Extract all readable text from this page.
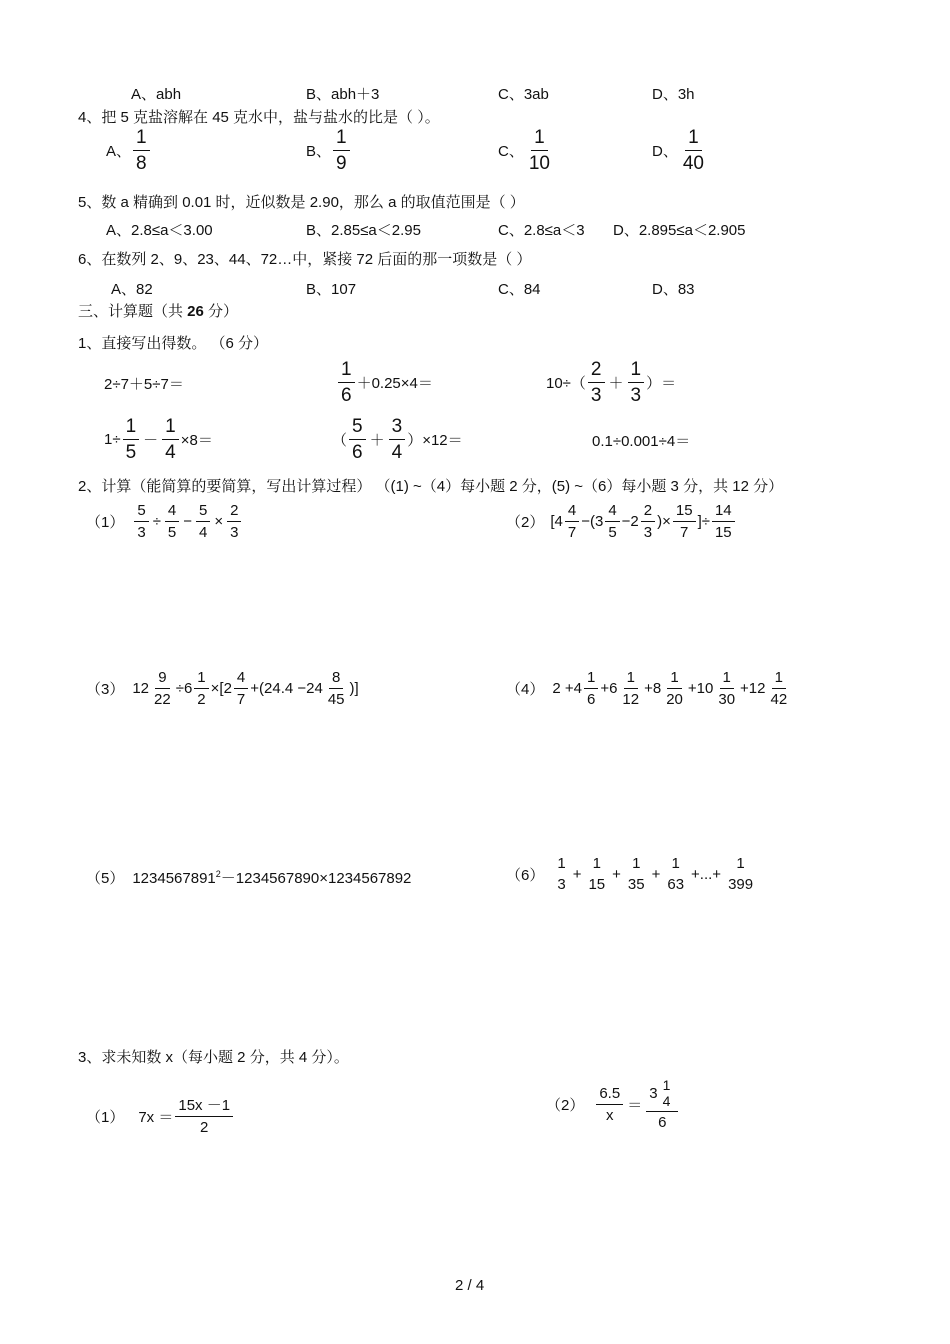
A、abh	B、abh＋3	C、3ab	D、3h
4、把 5 克盐溶解在 45 克水中，盐与盐水的比是（ ）。
A、 $\frac{1}{8}$	B、 $\frac{1}{9}$	C、 $\frac{1}{10}$	D、 $\frac{1}{40}$
5、数 a 精确到 0.01 时，近似数是 2.90，那么 a 的取值范围是（ ）
A、2.8≤a＜3.00	B、2.85≤a＜2.95	C、2.8≤a＜3 D、2.895≤a＜2.905
6、在数列 2、9、23、44、72…中，紧接 72 后面的那一项数是（ ）
A、82	B、107	C、84	D、83
三、计算题（共 26 分）
1、直接写出得数。 （6 分）
2÷7＋5÷7＝	$\frac{1}{6} +0.25\times 4=$	$10\div( \frac{2}{3} + \frac{1}{3}$ ）＝
$1\div \frac{1}{5} - \frac{1}{4} \times 8=$	（ $\frac{5}{6} + \frac{3}{4} )\times 12=$	0.1÷0.001÷4＝
2、计算（能简算的要简算，写出计算过程） （(1) ~（4）每小题 2 分，(5) ~（6）每小题 3 分，共 12 分）
$(1) \frac{5}{3} \div \frac{4}{5} - \frac{5}{4} \times \frac{2}{3}$	（2） [$4 \frac{4}{7} -(3 \frac{4}{5} -2 \frac{2}{3}$ )× $\frac{15}{7}$ ]÷ $\frac{14}{15}$
（3） $12 \frac{9}{22} \div 6 \frac{1}{2} \times[2 \frac{4}{7} +(24.4 -24 \frac{8}{45}$ )]	（4） $2 +4 \frac{1}{6} +6 \frac{1}{12} +8 \frac{1}{20} +10 \frac{1}{30} +12 \frac{1}{42}$
（5） $1234567891^2-1234567890\times 1234567892$	（6）
1
3
+
1
15
+
1
35
+
1
63
+...+
1
399
3、求未知数 x（每小题 2 分，共 4 分）。
（1） $7x = \frac{15x -1}{2}$	$(2) \frac{6.5}{x} = 3$ 1
4
6
2 / 4
